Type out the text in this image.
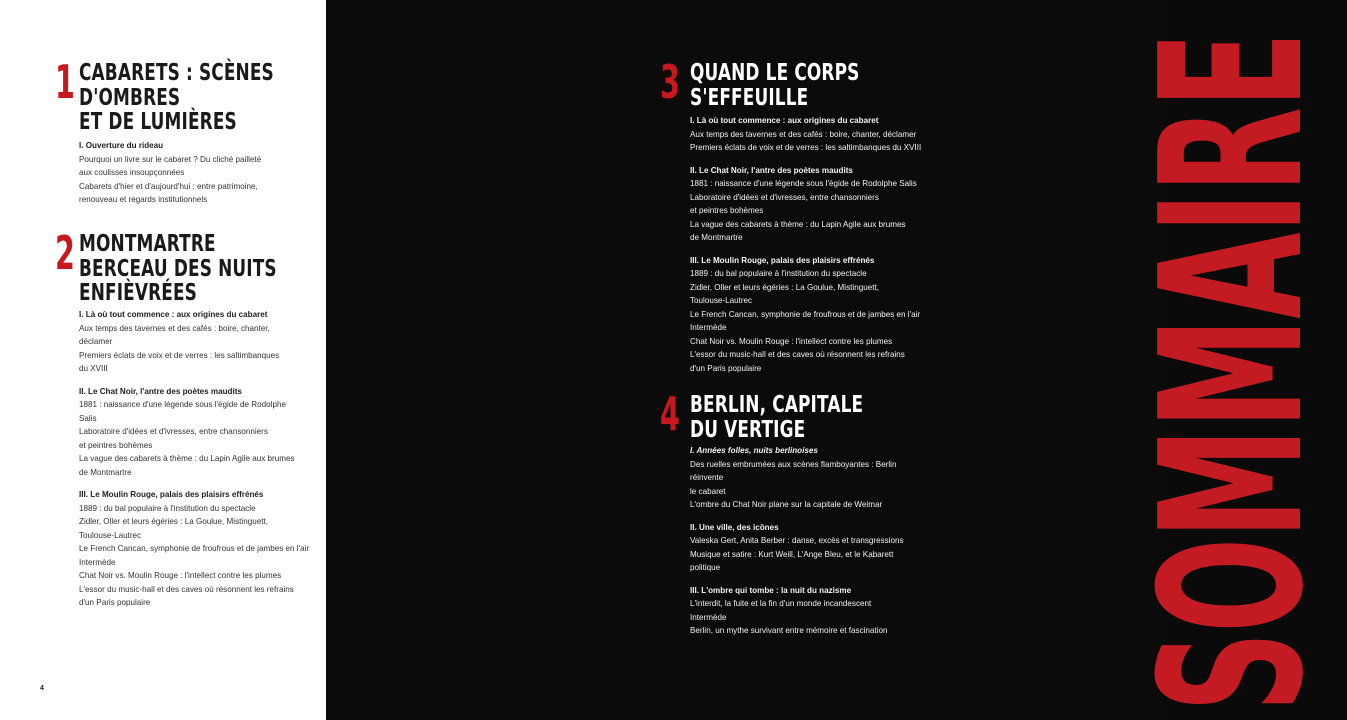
1 CABARETS : SCÈNES
D'OMBRES
ET DE LUMIÈRES
I. Ouverture du rideau
Pourquoi un livre sur le cabaret ? Du cliché pailleté
aux coulisses insoupçonnées
Cabarets d'hier et d'aujourd'hui : entre patrimoine,
renouveau et regards institutionnels
2 MONTMARTRE
BERCEAU DES NUITS
ENFIÈVRÉES
I. Là où tout commence : aux origines du cabaret
Aux temps des tavernes et des cafés : boire, chanter,
déclamer
Premiers éclats de voix et de verres : les saltimbanques
du XVIII
II. Le Chat Noir, l'antre des poètes maudits
1881 : naissance d'une légende sous l'égide de Rodolphe
Salis
Laboratoire d'idées et d'ivresses, entre chansonniers
et peintres bohèmes
La vague des cabarets à thème : du Lapin Agile aux brumes
de Montmartre
III. Le Moulin Rouge, palais des plaisirs effrénés
1889 : du bal populaire à l'institution du spectacle
Zidler, Oller et leurs égéries : La Goulue, Mistinguett,
Toulouse-Lautrec
Le French Cancan, symphonie de froufrous et de jambes en l'air
Intermède
Chat Noir vs. Moulin Rouge : l'intellect contre les plumes
L'essor du music-hall et des caves où résonnent les refrains
d'un Paris populaire
4
3 QUAND LE CORPS
S'EFFEUILLE
I. Là où tout commence : aux origines du cabaret
Aux temps des tavernes et des cafés : boire, chanter, déclamer
Premiers éclats de voix et de verres : les saltimbanques du XVIII
II. Le Chat Noir, l'antre des poètes maudits
1881 : naissance d'une légende sous l'égide de Rodolphe Salis
Laboratoire d'idées et d'ivresses, entre chansonniers
et peintres bohèmes
La vague des cabarets à thème : du Lapin Agile aux brumes
de Montmartre
III. Le Moulin Rouge, palais des plaisirs effrénés
1889 : du bal populaire à l'institution du spectacle
Zidler, Oller et leurs égéries : La Goulue, Mistinguett,
Toulouse-Lautrec
Le French Cancan, symphonie de froufrous et de jambes en l'air
Intermède
Chat Noir vs. Moulin Rouge : l'intellect contre les plumes
L'essor du music-hall et des caves où résonnent les refrains
d'un Paris populaire
4 BERLIN, CAPITALE
DU VERTIGE
I. Années folles, nuits berlinoises
Des ruelles embrumées aux scènes flamboyantes : Berlin
réinvente
le cabaret
L'ombre du Chat Noir plane sur la capitale de Weimar
II. Une ville, des icônes
Valeska Gert, Anita Berber : danse, excès et transgressions
Musique et satire : Kurt Weill, L'Ange Bleu, et le Kabarett
politique
III. L'ombre qui tombe : la nuit du nazisme
L'interdit, la fuite et la fin d'un monde incandescent
Intermède
Berlin, un mythe survivant entre mémoire et fascination SOMMAIRE
